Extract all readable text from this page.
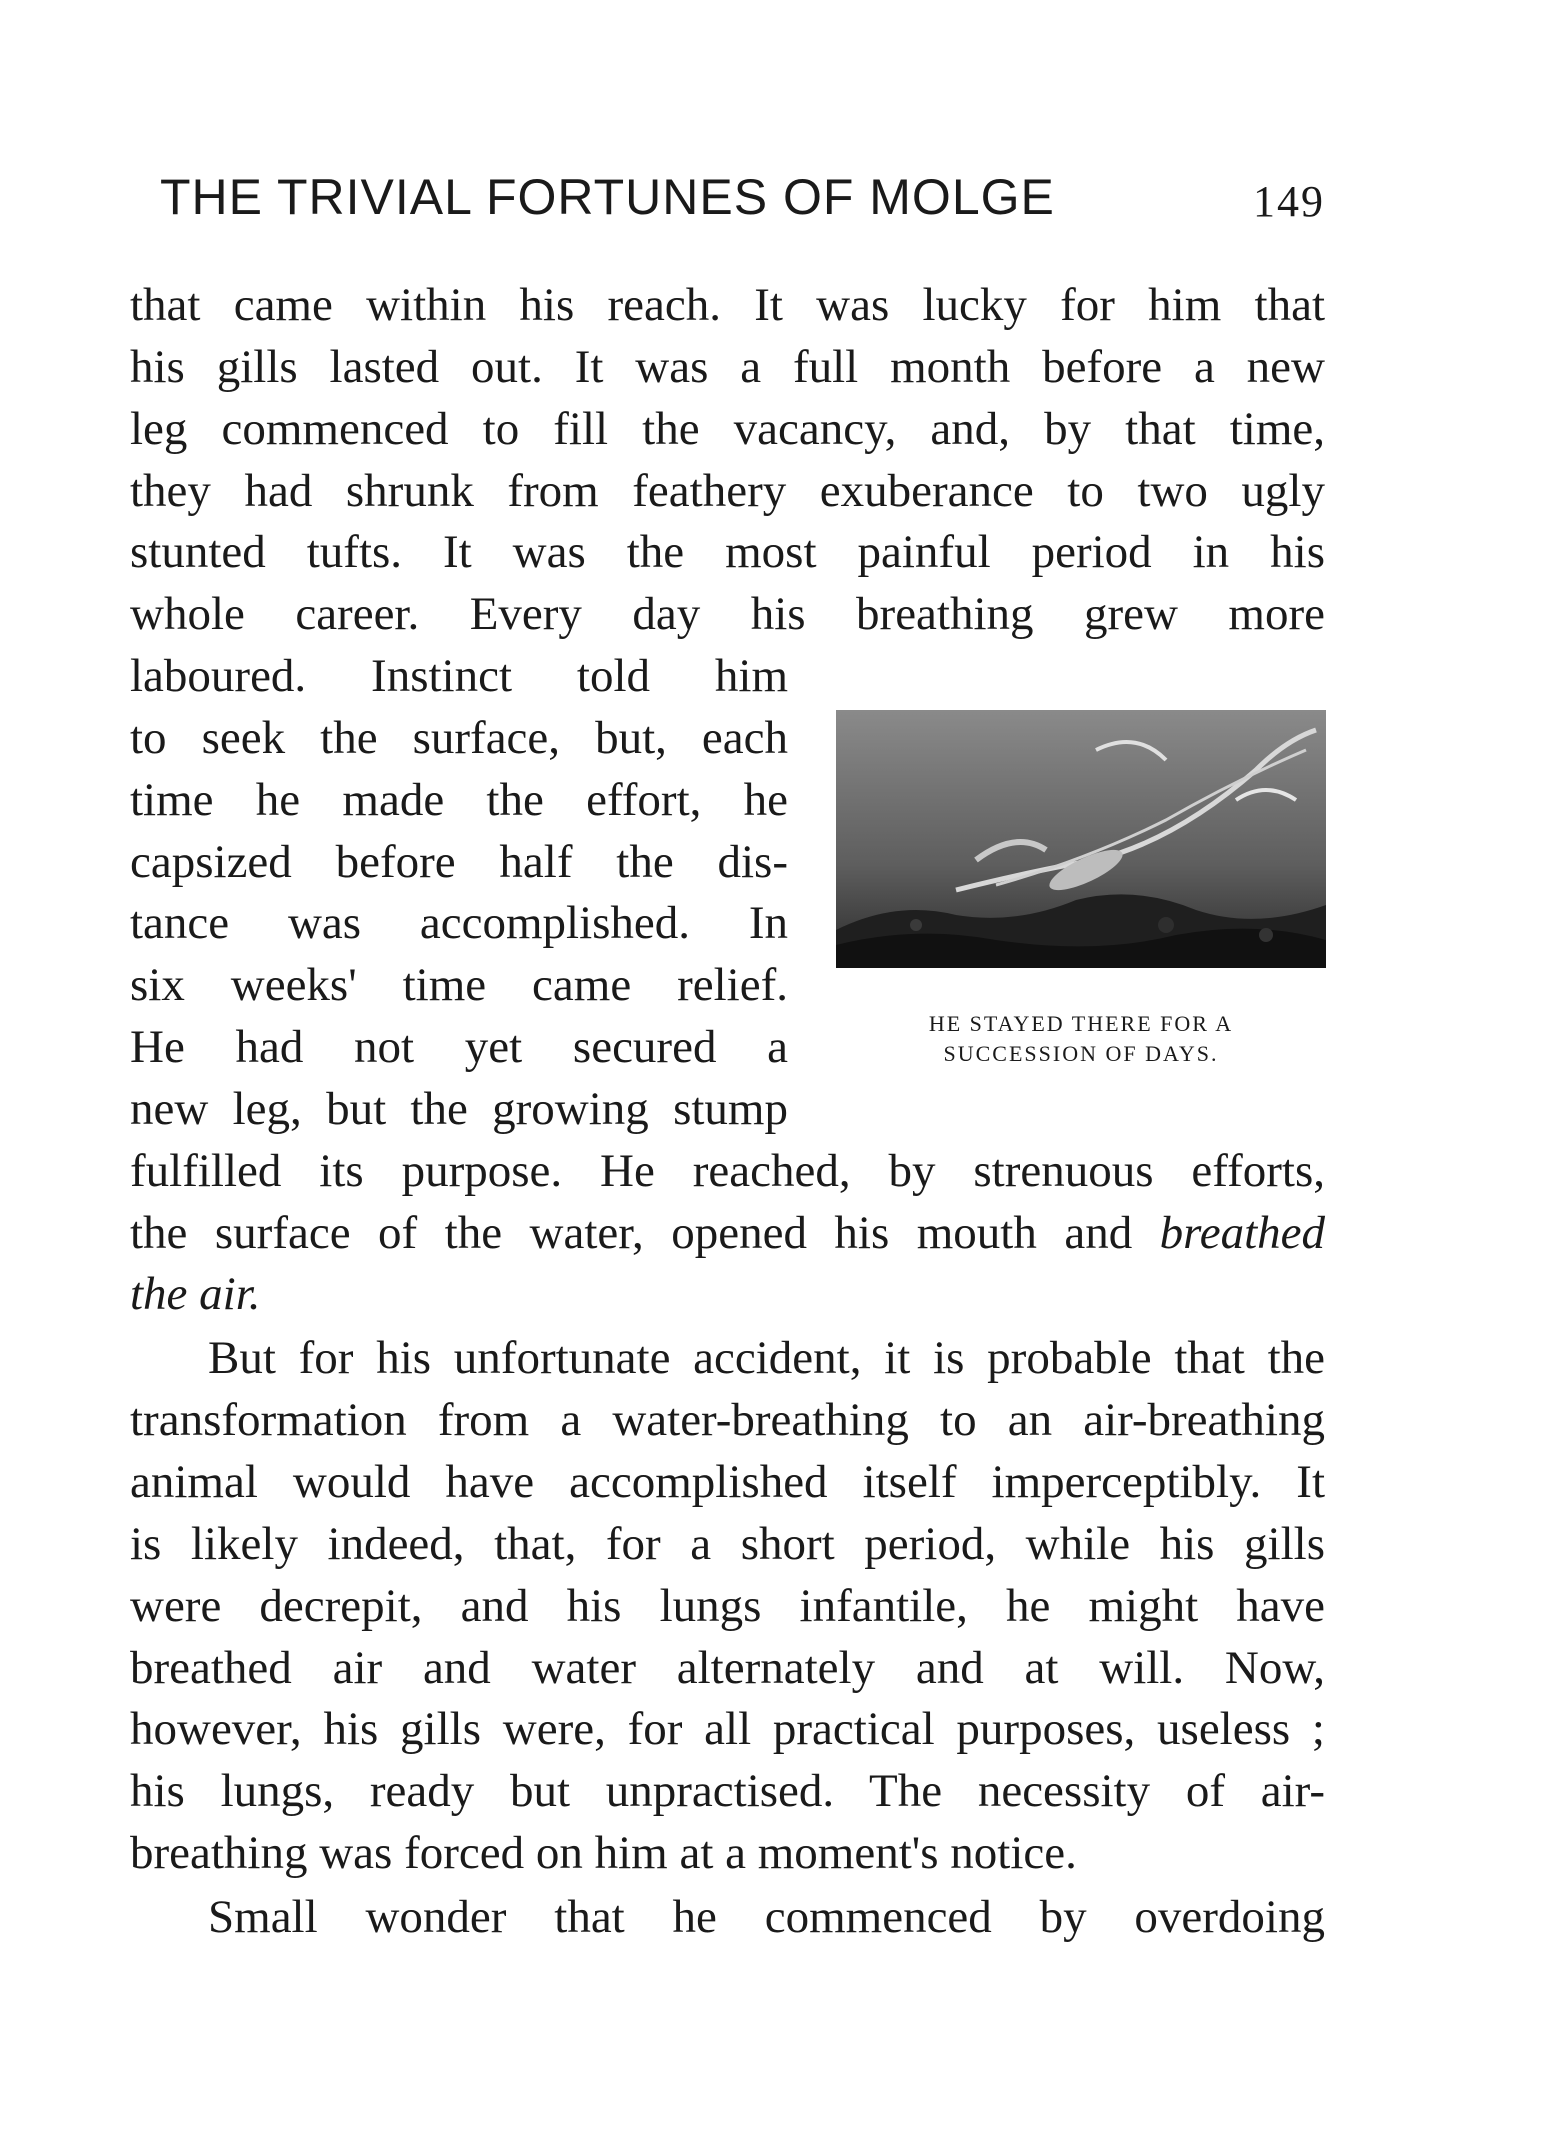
THE TRIVIAL FORTUNES OF MOLGE	149
that came within his reach. It was lucky for him that
his gills lasted out. It was a full month before a new
leg commenced to fill the vacancy, and, by that time,
they had shrunk from feathery exuberance to two ugly
stunted tufts. It was the most painful period in his
whole career. Every day his breathing grew more
laboured. Instinct told him
to seek the surface, but, each
time he made the effort, he
capsized before half the dis-
tance was accomplished. In
six weeks' time came relief.
He had not yet secured a
new leg, but the growing stump
fulfilled its purpose. He reached, by strenuous efforts,
the surface of the water, opened his mouth and breathed
the air.
But for his unfortunate accident, it is probable that the
transformation from a water-breathing to an air-breathing
animal would have accomplished itself imperceptibly. It
is likely indeed, that, for a short period, while his gills
were decrepit, and his lungs infantile, he might have
breathed air and water alternately and at will. Now,
however, his gills were, for all practical purposes, useless ;
his lungs, ready but unpractised. The necessity of air-
breathing was forced on him at a moment's notice.
Small wonder that he commenced by overdoing
HE STAYED THERE FOR A
SUCCESSION OF DAYS.
